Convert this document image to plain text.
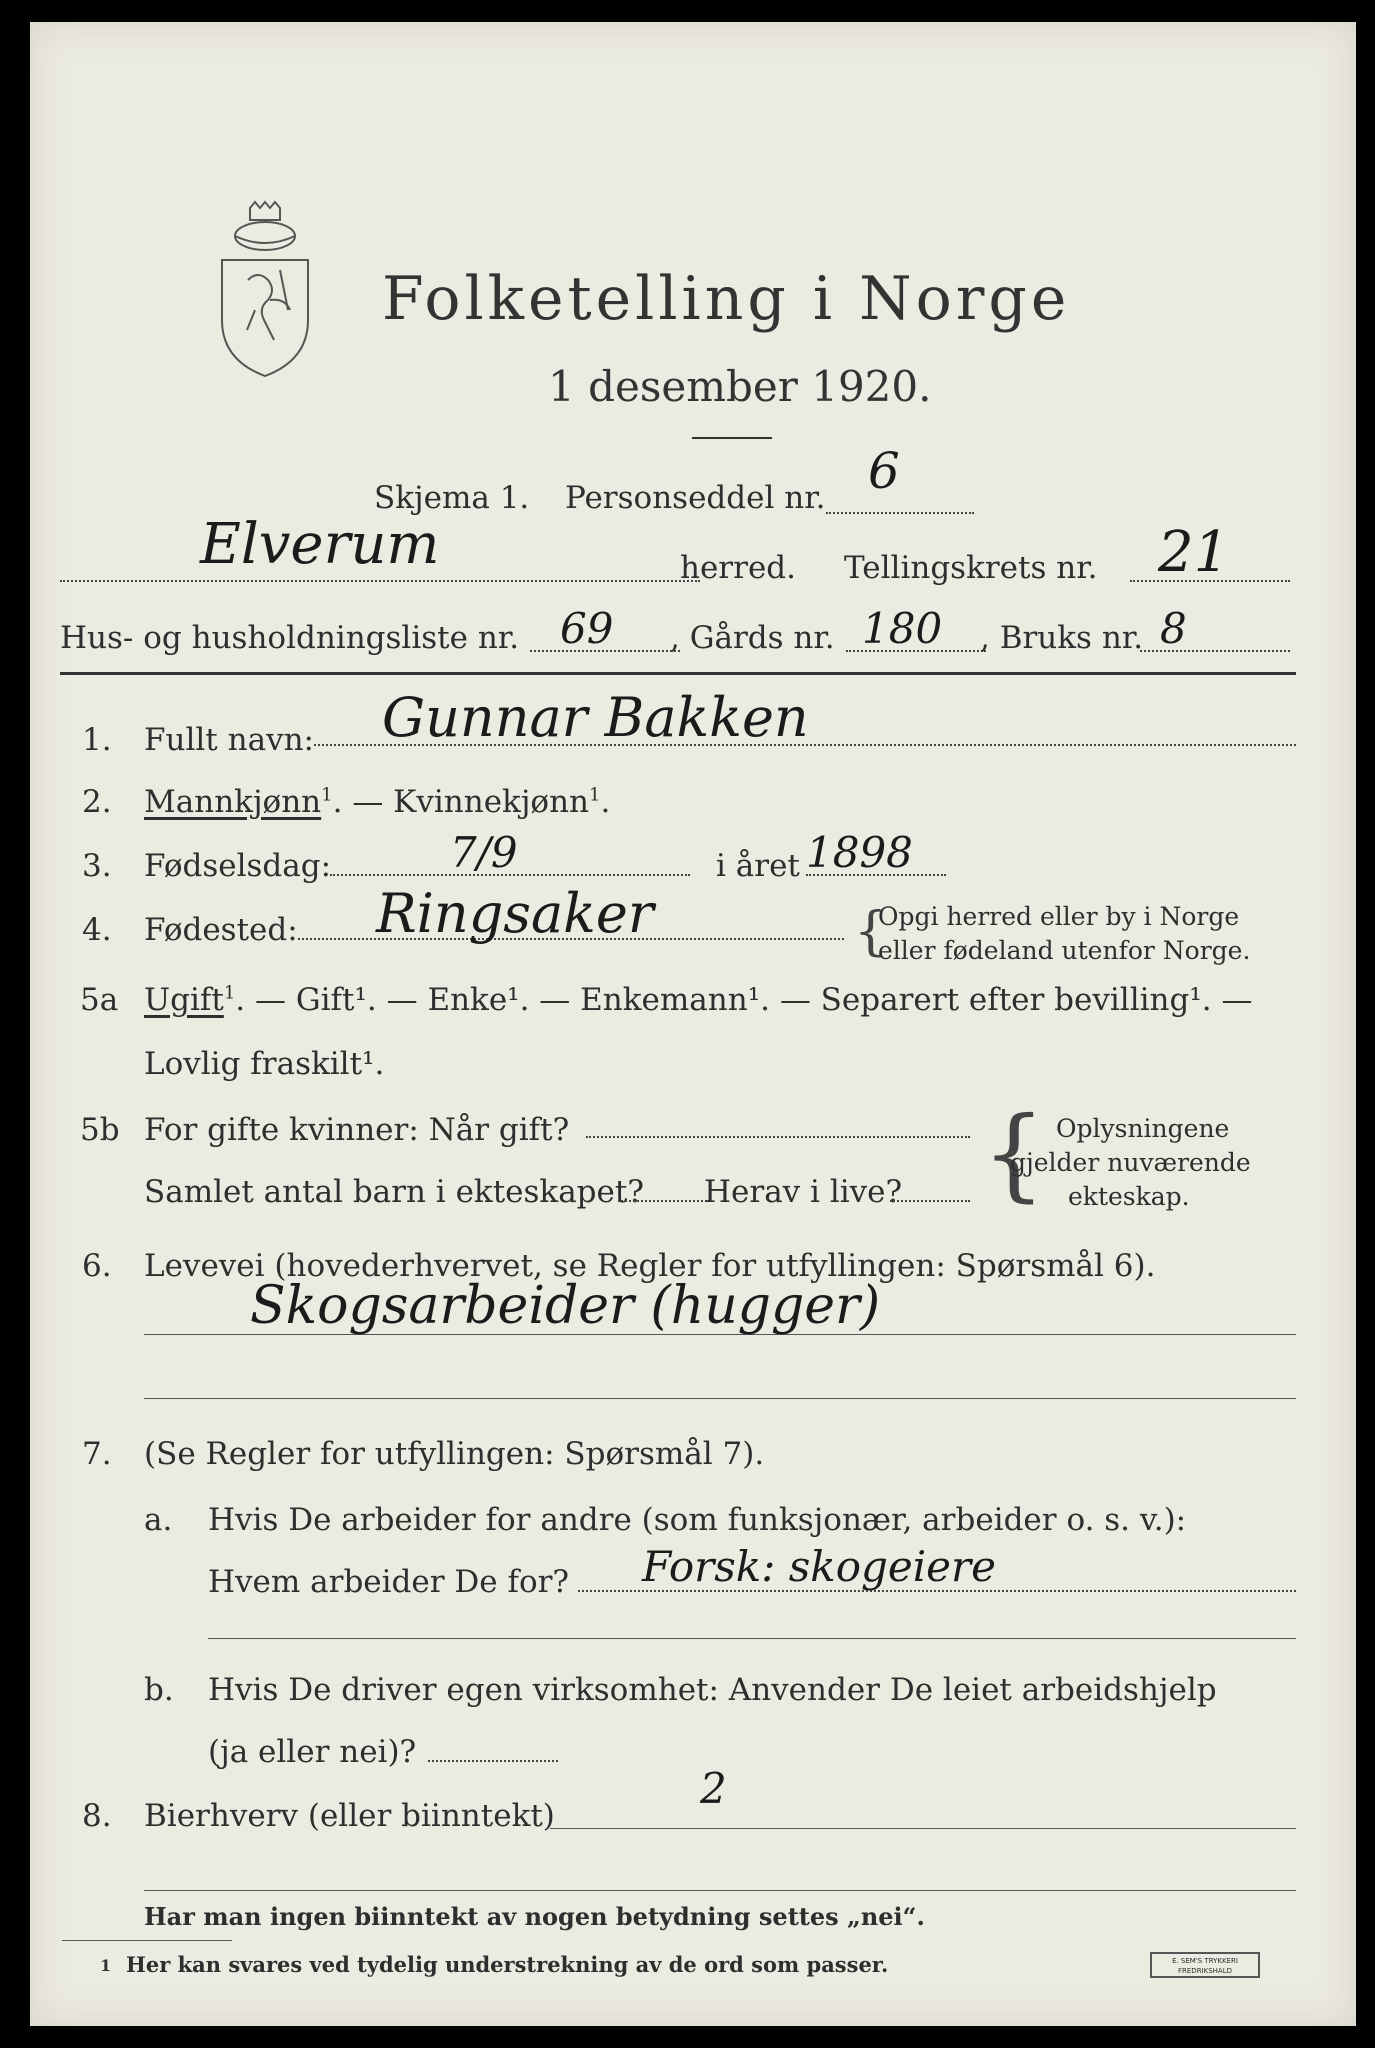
Folketelling i Norge
1 desember 1920.
Skjema 1. Personseddel nr. 6
Elverum	herred. Tellingskrets nr. 21
Hus- og husholdningsliste nr. 69 , Gårds nr. 180 , Bruks nr. 8
1. Fullt navn: Gunnar Bakken
2. Mannkjønn$^1$. — Kvinnekjønn$^1$.
3. Fødselsdag:	7/9	i året 1898
4. Fødested: Ringsaker	{
Opgi herred eller by i Norge
eller fødeland utenfor Norge.
5a Ugift$^1$. — Gift¹. — Enke¹. — Enkemann¹. — Separert efter bevilling¹. —
Lovlig fraskilt¹.
5b For gifte kvinner: Når gift?
Samlet antal barn i ekteskapet? Herav i live? { Oplysningene
gjelder nuværende
ekteskap.
6. Levevei (hovederhvervet, se Regler for utfyllingen: Spørsmål 6).
Skogsarbeider (hugger)
7. (Se Regler for utfyllingen: Spørsmål 7).
a. Hvis De arbeider for andre (som funksjonær, arbeider o. s. v.):
Hvem arbeider De for? Forsk: skogeiere
b. Hvis De driver egen virksomhet: Anvender De leiet arbeidshjelp
(ja eller nei)?
8. Bierhverv (eller biinntekt)
2
Har man ingen biinntekt av nogen betydning settes „nei“.
1 Her kan svares ved tydelig understrekning av de ord som passer.	E. SEM'S TRYKKERI FREDRIKSHALD
